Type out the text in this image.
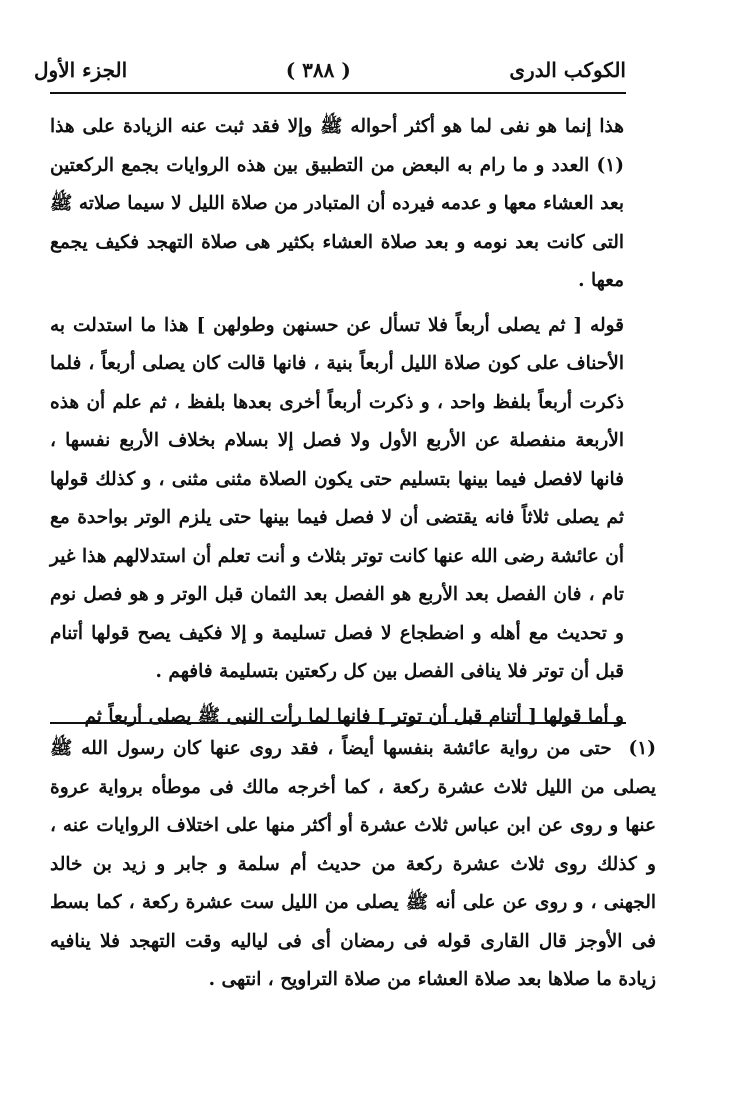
الكوكب الدرى
( ٣٨٨ )
الجزء الأول

هذا إنما هو نفى لما هو أكثر أحواله ﷺ وإلا فقد ثبت عنه الزيادة على هذا (١) العدد و ما رام به البعض من التطبيق بين هذه الروايات بجمع الركعتين بعد العشاء معها و عدمه فيرده أن المتبادر من صلاة الليل لا سيما صلاته ﷺ التى كانت بعد نومه و بعد صلاة العشاء بكثير هى صلاة التهجد فكيف يجمع معها .

قوله [ ثم يصلى أربعاً فلا تسأل عن حسنهن وطولهن ] هذا ما استدلت به الأحناف على كون صلاة الليل أربعاً بنية ، فانها قالت كان يصلى أربعاً ، فلما ذكرت أربعاً بلفظ واحد ، و ذكرت أربعاً أخرى بعدها بلفظ ، ثم علم أن هذه الأربعة منفصلة عن الأربع الأول ولا فصل إلا بسلام بخلاف الأربع نفسها ، فانها لافصل فيما بينها بتسليم حتى يكون الصلاة مثنى مثنى ، و كذلك قولها ثم يصلى ثلاثاً فانه يقتضى أن لا فصل فيما بينها حتى يلزم الوتر بواحدة مع أن عائشة رضى الله عنها كانت توتر بثلاث و أنت تعلم أن استدلالهم هذا غير تام ، فان الفصل بعد الأربع هو الفصل بعد الثمان قبل الوتر و هو فصل نوم و تحديث مع أهله و اضطجاع لا فصل تسليمة و إلا فكيف يصح قولها أتنام قبل أن توتر فلا ينافى الفصل بين كل ركعتين بتسليمة فافهم .

و أما قولها [ أتنام قبل أن توتر ] فانها لما رأت النبى ﷺ يصلى أربعاً ثم

(١) حتى من رواية عائشة بنفسها أيضاً ، فقد روى عنها كان رسول الله ﷺ يصلى من الليل ثلاث عشرة ركعة ، كما أخرجه مالك فى موطأه برواية عروة عنها و روى عن ابن عباس ثلاث عشرة أو أكثر منها على اختلاف الروايات عنه ، و كذلك روى ثلاث عشرة ركعة من حديث أم سلمة و جابر و زيد بن خالد الجهنى ، و روى عن على أنه ﷺ يصلى من الليل ست عشرة ركعة ، كما بسط فى الأوجز قال القارى قوله فى رمضان أى فى لياليه وقت التهجد فلا ينافيه زيادة ما صلاها بعد صلاة العشاء من صلاة التراويح ، انتهى .
